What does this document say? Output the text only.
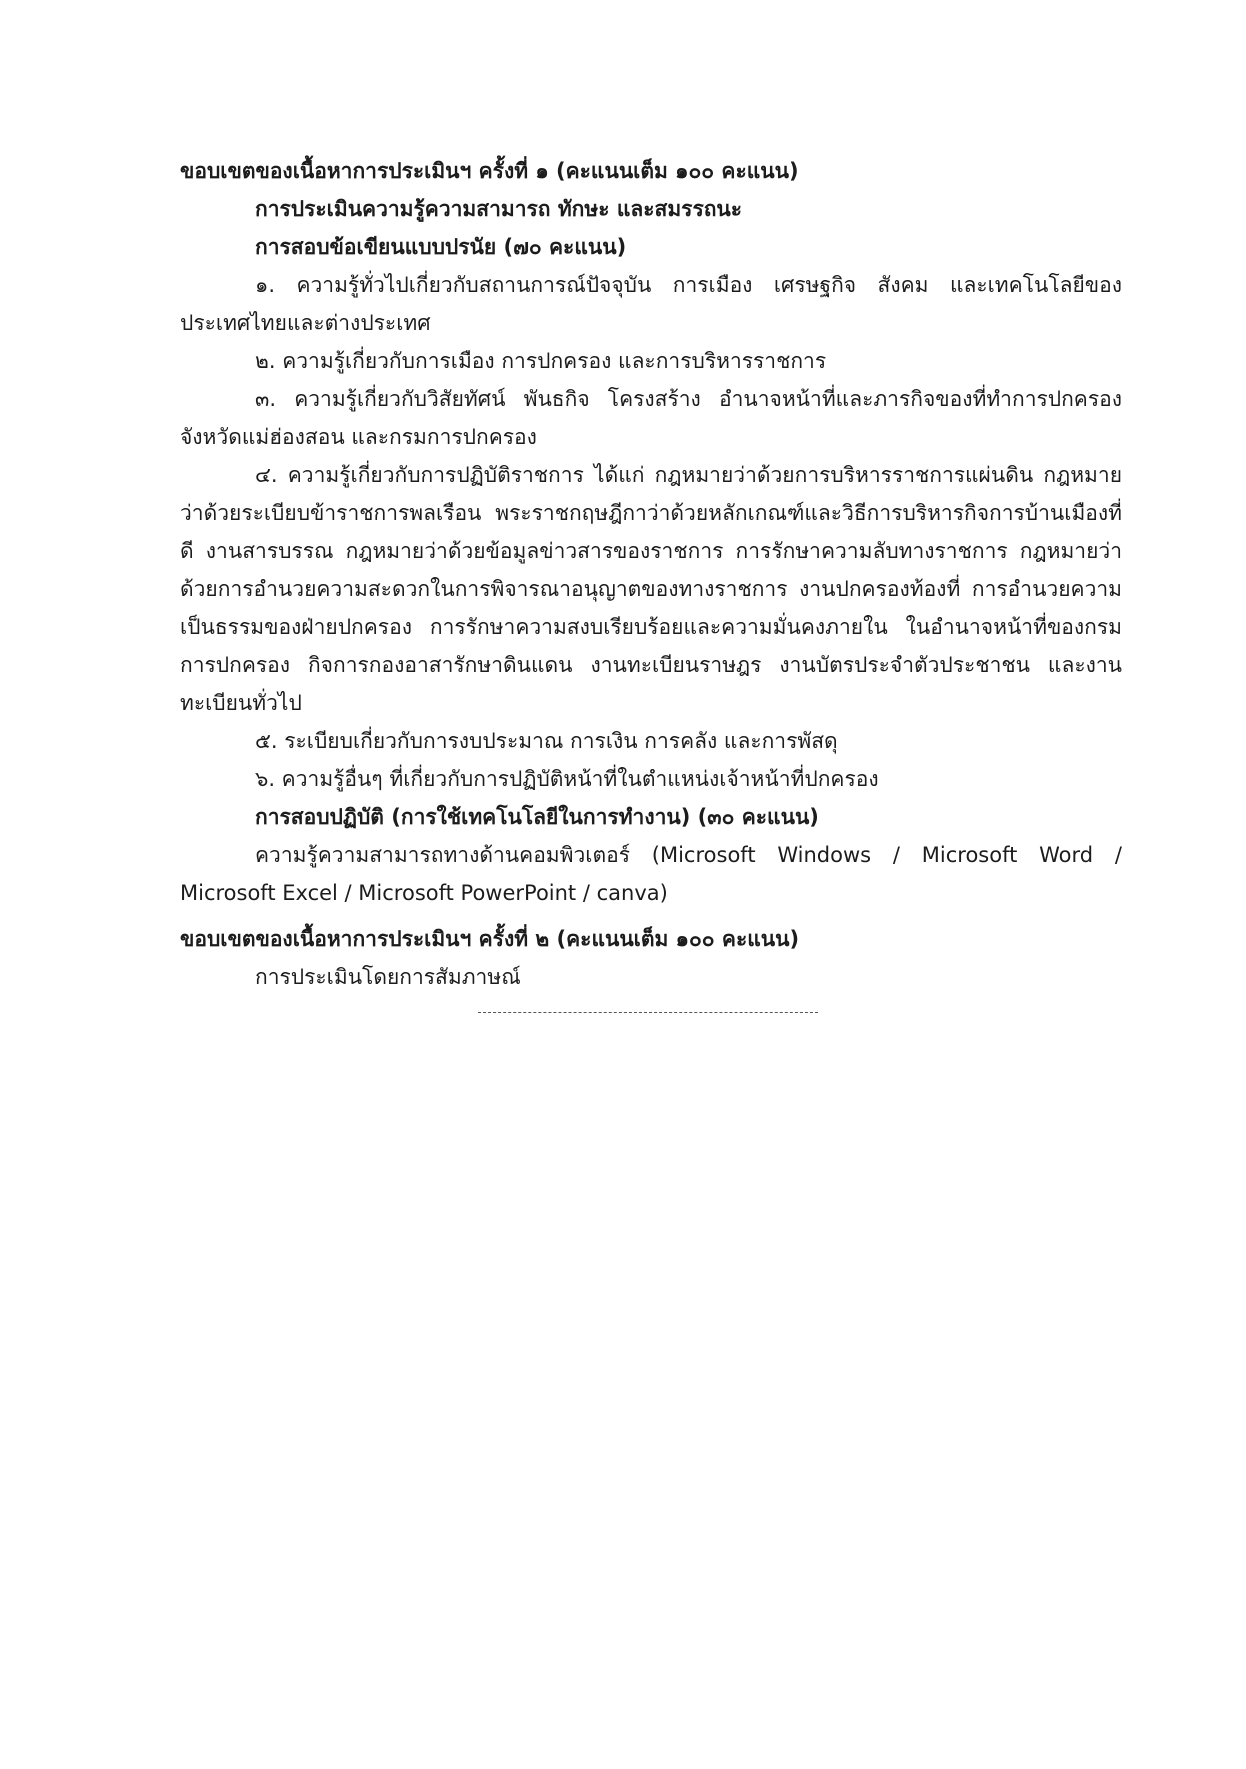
ขอบเขตของเนื้อหาการประเมินฯ ครั้งที่ ๑ (คะแนนเต็ม ๑๐๐ คะแนน)
การประเมินความรู้ความสามารถ ทักษะ และสมรรถนะ
การสอบข้อเขียนแบบปรนัย (๗๐ คะแนน)
๑. ความรู้ทั่วไปเกี่ยวกับสถานการณ์ปัจจุบัน การเมือง เศรษฐกิจ สังคม และเทคโนโลยีของประเทศไทยและต่างประเทศ
๒. ความรู้เกี่ยวกับการเมือง การปกครอง และการบริหารราชการ
๓. ความรู้เกี่ยวกับวิสัยทัศน์ พันธกิจ โครงสร้าง อำนาจหน้าที่และภารกิจของที่ทำการปกครองจังหวัดแม่ฮ่องสอน และกรมการปกครอง
๔. ความรู้เกี่ยวกับการปฏิบัติราชการ ได้แก่ กฎหมายว่าด้วยการบริหารราชการแผ่นดิน กฎหมายว่าด้วยระเบียบข้าราชการพลเรือน พระราชกฤษฎีกาว่าด้วยหลักเกณฑ์และวิธีการบริหารกิจการบ้านเมืองที่ดี งานสารบรรณ กฎหมายว่าด้วยข้อมูลข่าวสารของราชการ การรักษาความลับทางราชการ กฎหมายว่าด้วยการอำนวยความสะดวกในการพิจารณาอนุญาตของทางราชการ งานปกครองท้องที่ การอำนวยความเป็นธรรมของฝ่ายปกครอง การรักษาความสงบเรียบร้อยและความมั่นคงภายใน ในอำนาจหน้าที่ของกรมการปกครอง กิจการกองอาสารักษาดินแดน งานทะเบียนราษฎร งานบัตรประจำตัวประชาชน และงานทะเบียนทั่วไป
๕. ระเบียบเกี่ยวกับการงบประมาณ การเงิน การคลัง และการพัสดุ
๖. ความรู้อื่นๆ ที่เกี่ยวกับการปฏิบัติหน้าที่ในตำแหน่งเจ้าหน้าที่ปกครอง
การสอบปฏิบัติ (การใช้เทคโนโลยีในการทำงาน) (๓๐ คะแนน)
ความรู้ความสามารถทางด้านคอมพิวเตอร์ (Microsoft Windows / Microsoft Word / Microsoft Excel / Microsoft PowerPoint / canva)
ขอบเขตของเนื้อหาการประเมินฯ ครั้งที่ ๒ (คะแนนเต็ม ๑๐๐ คะแนน)
การประเมินโดยการสัมภาษณ์
